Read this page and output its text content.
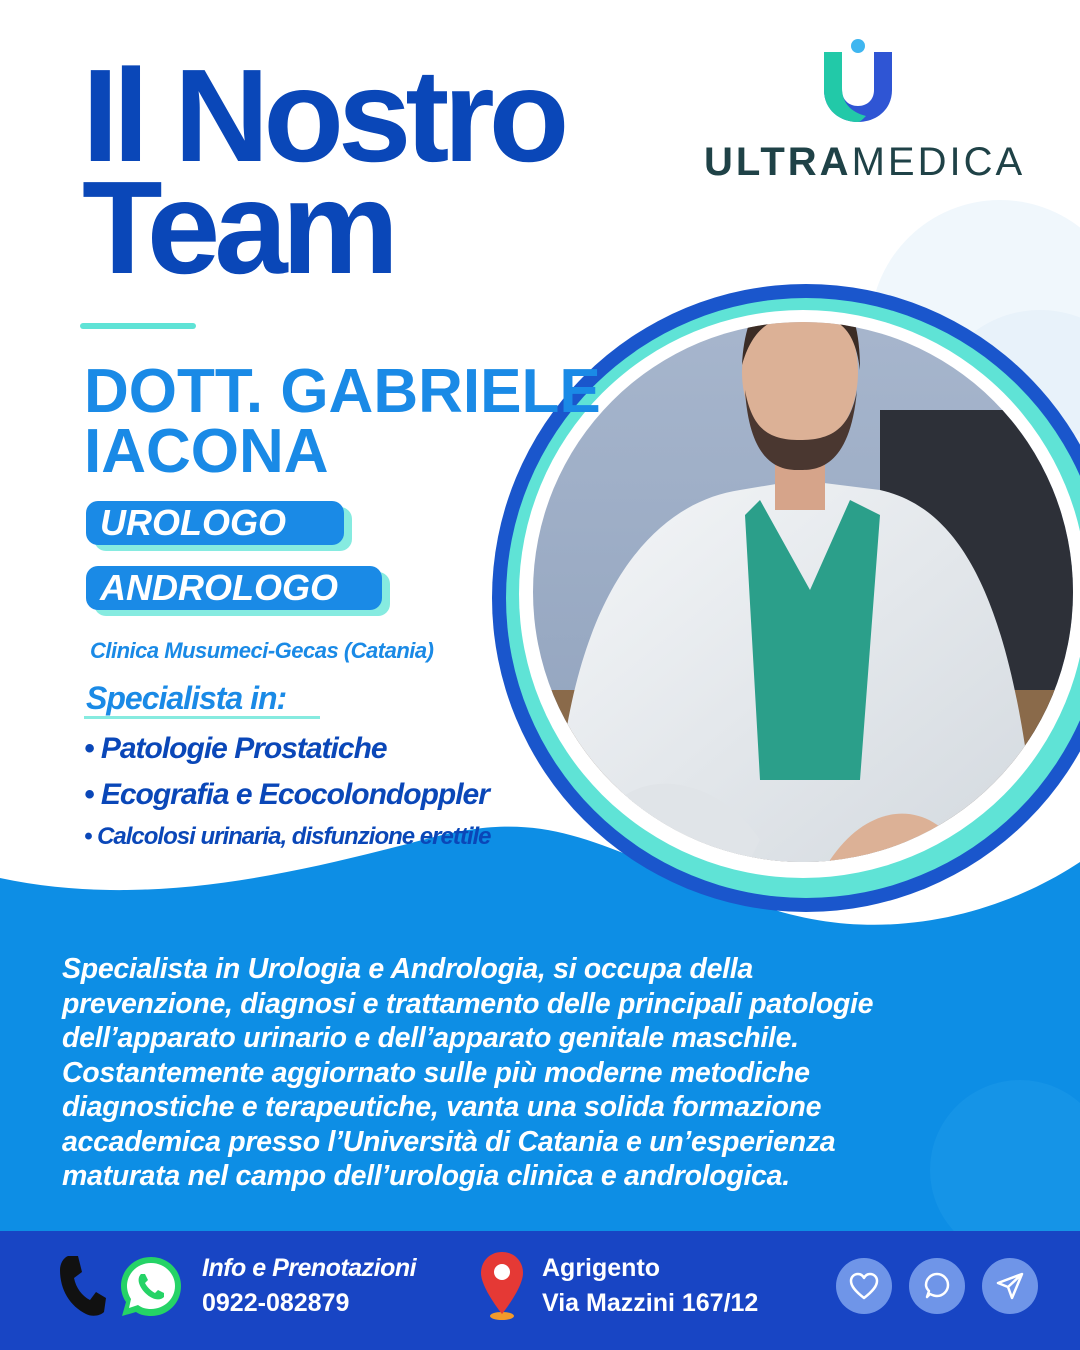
ULTRAMEDICA
Il Nostro
Team
DOTT. GABRIELE
IACONA
UROLOGO
ANDROLOGO
Clinica Musumeci-Gecas (Catania)
Specialista in:
• Patologie Prostatiche
• Ecografia e Ecocolondoppler
• Calcolosi urinaria, disfunzione erettile

Specialista in Urologia e Andrologia, si occupa della
prevenzione, diagnosi e trattamento delle principali patologie
dell’apparato urinario e dell’apparato genitale maschile.
Costantemente aggiornato sulle più moderne metodiche
diagnostiche e terapeutiche, vanta una solida formazione
accademica presso l’Università di Catania e un’esperienza
maturata nel campo dell’urologia clinica e andrologica.

Info e Prenotazioni
0922-082879
Agrigento
Via Mazzini 167/12
